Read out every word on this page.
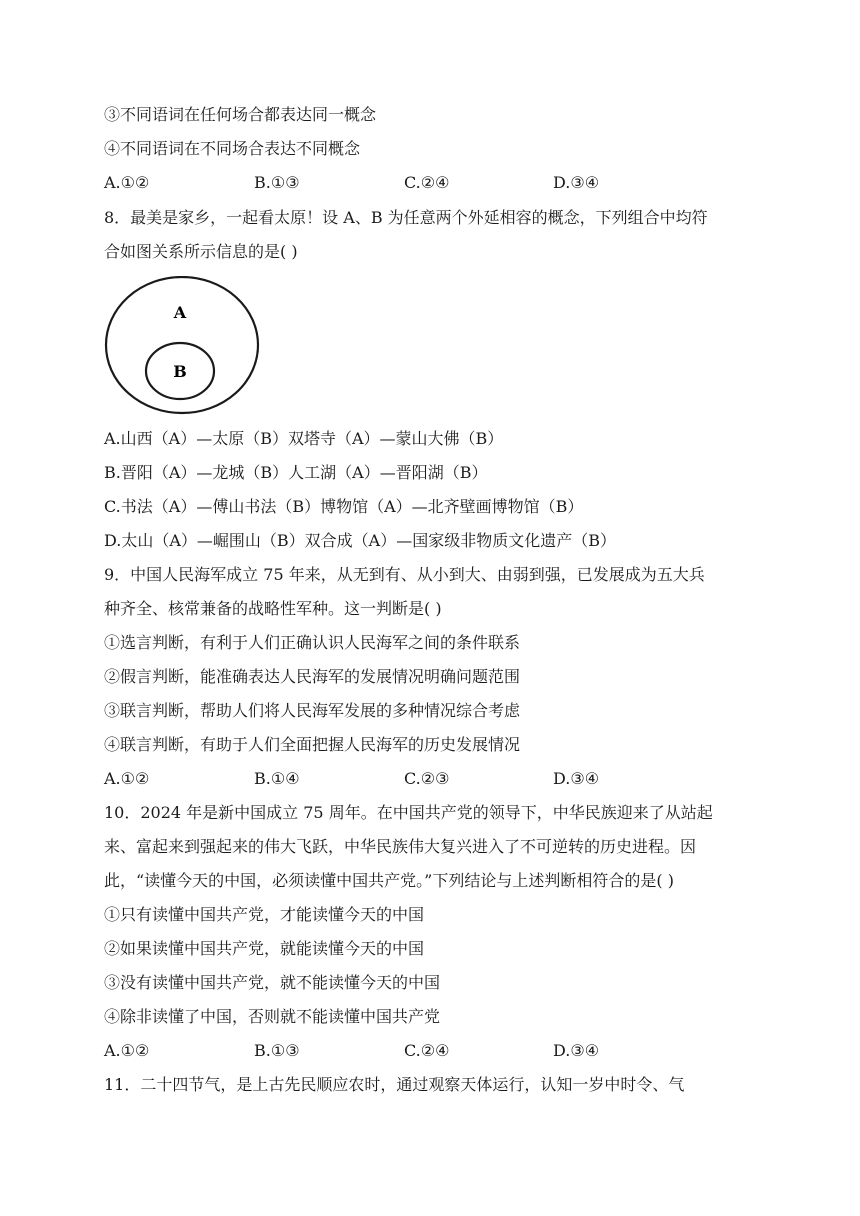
③不同语词在任何场合都表达同一概念
④不同语词在不同场合表达不同概念
A.①②	B.①③	C.②④	D.③④
8．最美是家乡，一起看太原！设 A、B 为任意两个外延相容的概念，下列组合中均符
合如图关系所示信息的是( )
A
B
A.山西（A）—太原（B）双塔寺（A）—蒙山大佛（B）
B.晋阳（A）—龙城（B）人工湖（A）—晋阳湖（B）
C.书法（A）—傅山书法（B）博物馆（A）—北齐壁画博物馆（B）
D.太山（A）—崛围山（B）双合成（A）—国家级非物质文化遗产（B）
9．中国人民海军成立 75 年来，从无到有、从小到大、由弱到强，已发展成为五大兵
种齐全、核常兼备的战略性军种。这一判断是( )
①选言判断，有利于人们正确认识人民海军之间的条件联系
②假言判断，能准确表达人民海军的发展情况明确问题范围
③联言判断，帮助人们将人民海军发展的多种情况综合考虑
④联言判断，有助于人们全面把握人民海军的历史发展情况
A.①②	B.①④	C.②③	D.③④
10．2024 年是新中国成立 75 周年。在中国共产党的领导下，中华民族迎来了从站起
来、富起来到强起来的伟大飞跃，中华民族伟大复兴进入了不可逆转的历史进程。因
此，“读懂今天的中国，必须读懂中国共产党。”下列结论与上述判断相符合的是( )
①只有读懂中国共产党，才能读懂今天的中国
②如果读懂中国共产党，就能读懂今天的中国
③没有读懂中国共产党，就不能读懂今天的中国
④除非读懂了中国，否则就不能读懂中国共产党
A.①②	B.①③	C.②④	D.③④
11．二十四节气，是上古先民顺应农时，通过观察天体运行，认知一岁中时令、气
